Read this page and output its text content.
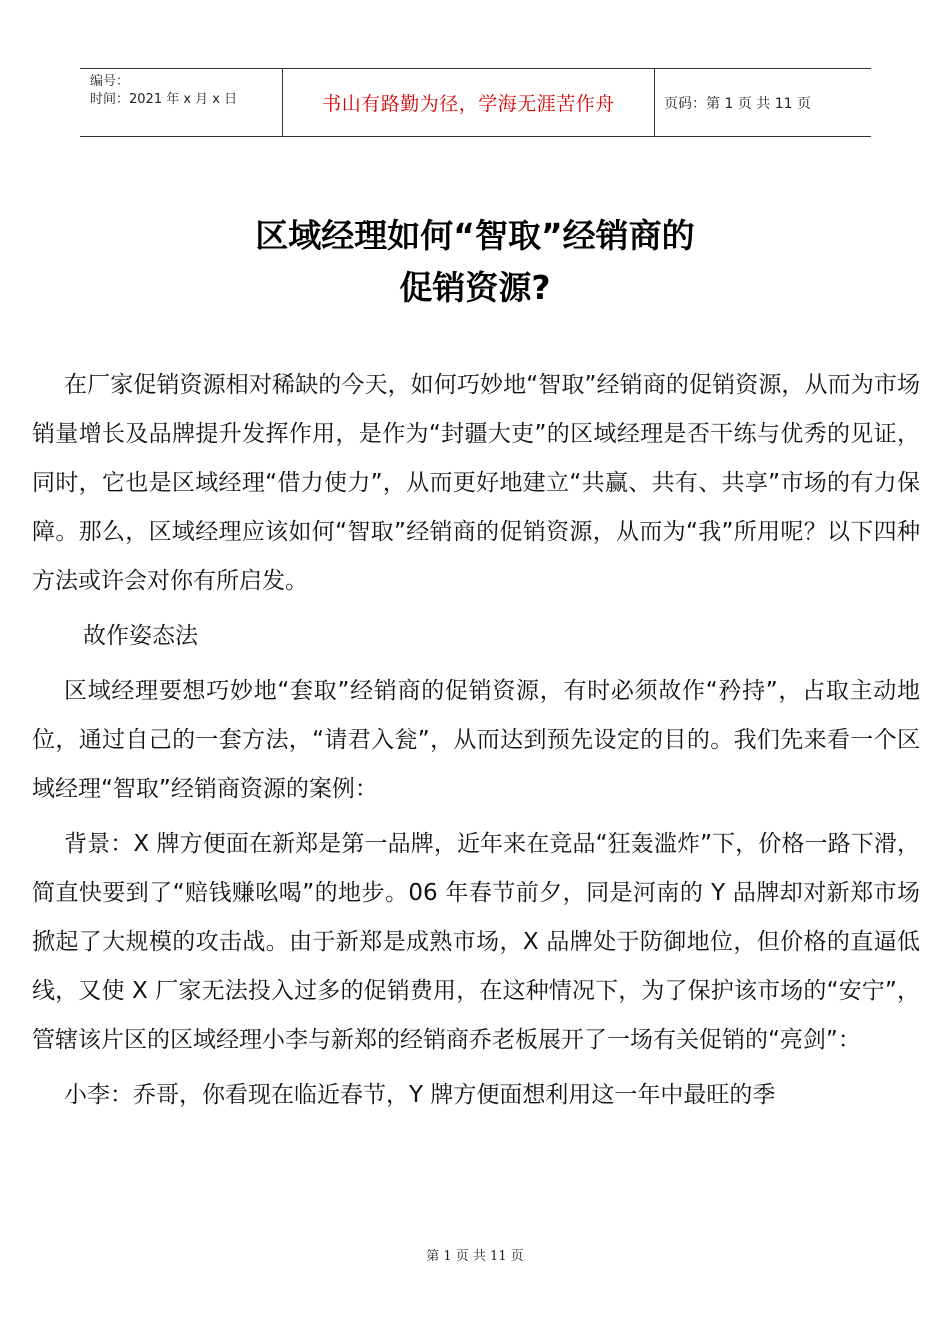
编号：
时间：2021 年 x 月 x 日	书山有路勤为径，学海无涯苦作舟	页码：第 1 页 共 11 页
区域经理如何“智取”经销商的
促销资源?

在厂家促销资源相对稀缺的今天，如何巧妙地“智取”经销商的促销资源，从而为市场销量增长及品牌提升发挥作用，是作为“封疆大吏”的区域经理是否干练与优秀的见证，同时，它也是区域经理“借力使力”，从而更好地建立“共赢、共有、共享”市场的有力保障。那么，区域经理应该如何“智取”经销商的促销资源，从而为“我”所用呢？以下四种方法或许会对你有所启发。

故作姿态法

区域经理要想巧妙地“套取”经销商的促销资源，有时必须故作“矜持”，占取主动地位，通过自己的一套方法，“请君入瓮”，从而达到预先设定的目的。我们先来看一个区域经理“智取”经销商资源的案例：

背景：X 牌方便面在新郑是第一品牌，近年来在竞品“狂轰滥炸”下，价格一路下滑，简直快要到了“赔钱赚吆喝”的地步。06 年春节前夕，同是河南的 Y 品牌却对新郑市场掀起了大规模的攻击战。由于新郑是成熟市场，X 品牌处于防御地位，但价格的直逼低线，又使 X 厂家无法投入过多的促销费用，在这种情况下，为了保护该市场的“安宁”，管辖该片区的区域经理小李与新郑的经销商乔老板展开了一场有关促销的“亮剑”：

小李：乔哥，你看现在临近春节，Y 牌方便面想利用这一年中最旺的季

第 1 页 共 11 页
